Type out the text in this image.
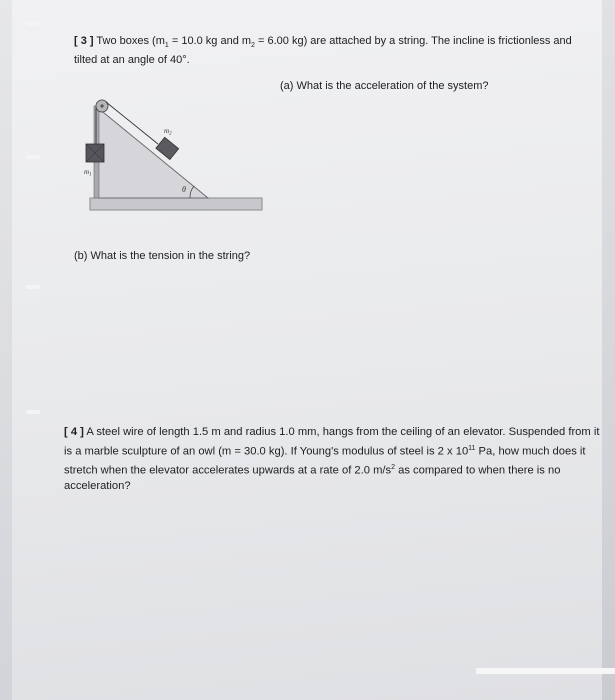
[ 3 ] Two boxes ($m_1 = 10.0$ kg and $m_2 = 6.00$ kg) are attached by a string. The incline is frictionless and tilted at an angle of 40°.
(a) What is the acceleration of the system?
$m_2$
$m_1$
θ
(b) What is the tension in the string?
[ 4 ] A steel wire of length 1.5 m and radius 1.0 mm, hangs from the ceiling of an elevator. Suspended from it is a marble sculpture of an owl (m = 30.0 kg). If Young's modulus of steel is 2 x $10^{11}$ Pa, how much does it stretch when the elevator accelerates upwards at a rate of 2.0 $m/s^2$ as compared to when there is no acceleration?
